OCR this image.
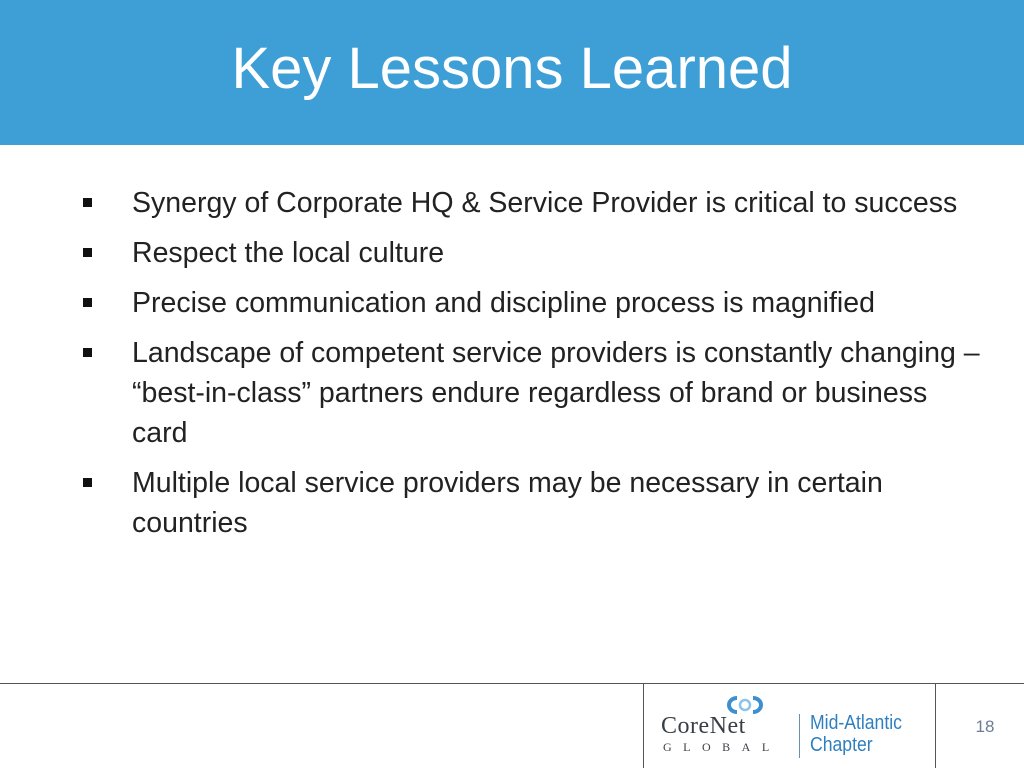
Key Lessons Learned
Synergy of Corporate HQ & Service Provider is critical to success
Respect the local culture
Precise communication and discipline process is magnified
Landscape of competent service providers is constantly changing – “best-in-class” partners endure regardless of brand or business card
Multiple local service providers may be necessary in certain countries
CoreNet
GLOBAL
Mid-Atlantic
Chapter
18
